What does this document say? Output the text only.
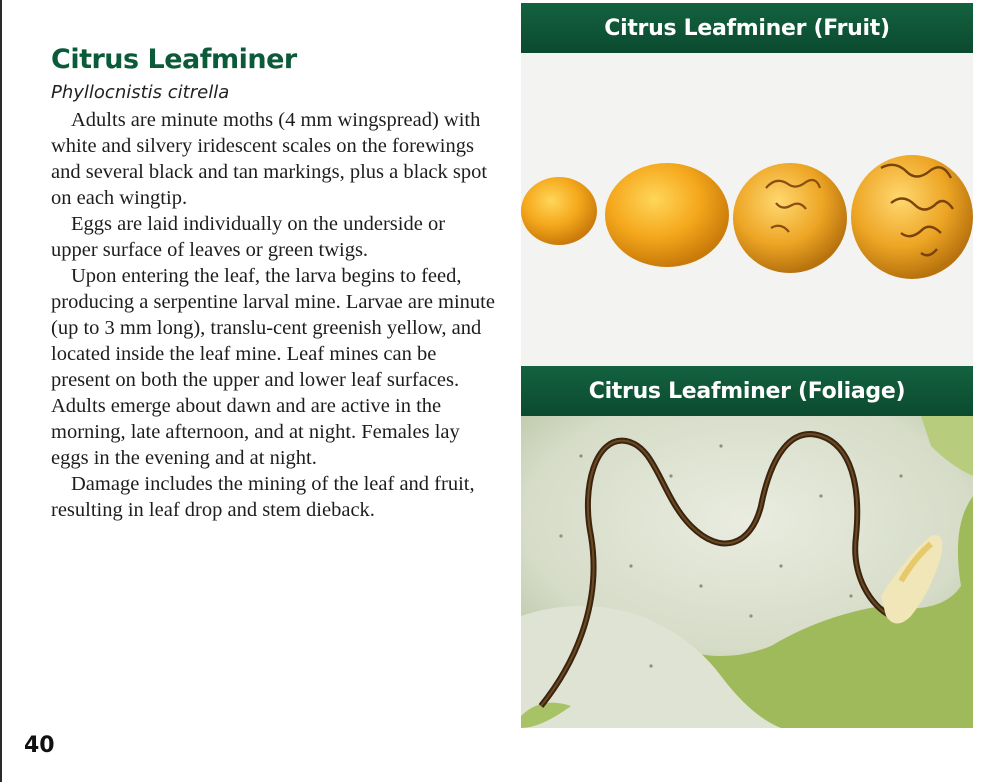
Citrus Leafminer
Phyllocnistis citrella

Adults are minute moths (4 mm wingspread) with white and silvery iridescent scales on the forewings and several black and tan markings, plus a black spot on each wingtip.

Eggs are laid individually on the underside or upper surface of leaves or green twigs.

Upon entering the leaf, the larva begins to feed, producing a serpentine larval mine. Larvae are minute (up to 3 mm long), translu-cent greenish yellow, and located inside the leaf mine. Leaf mines can be present on both the upper and lower leaf surfaces. Adults emerge about dawn and are active in the morning, late afternoon, and at night. Females lay eggs in the evening and at night.

Damage includes the mining of the leaf and fruit, resulting in leaf drop and stem dieback.

40
Citrus Leafminer (Fruit)
Citrus Leafminer (Foliage)
